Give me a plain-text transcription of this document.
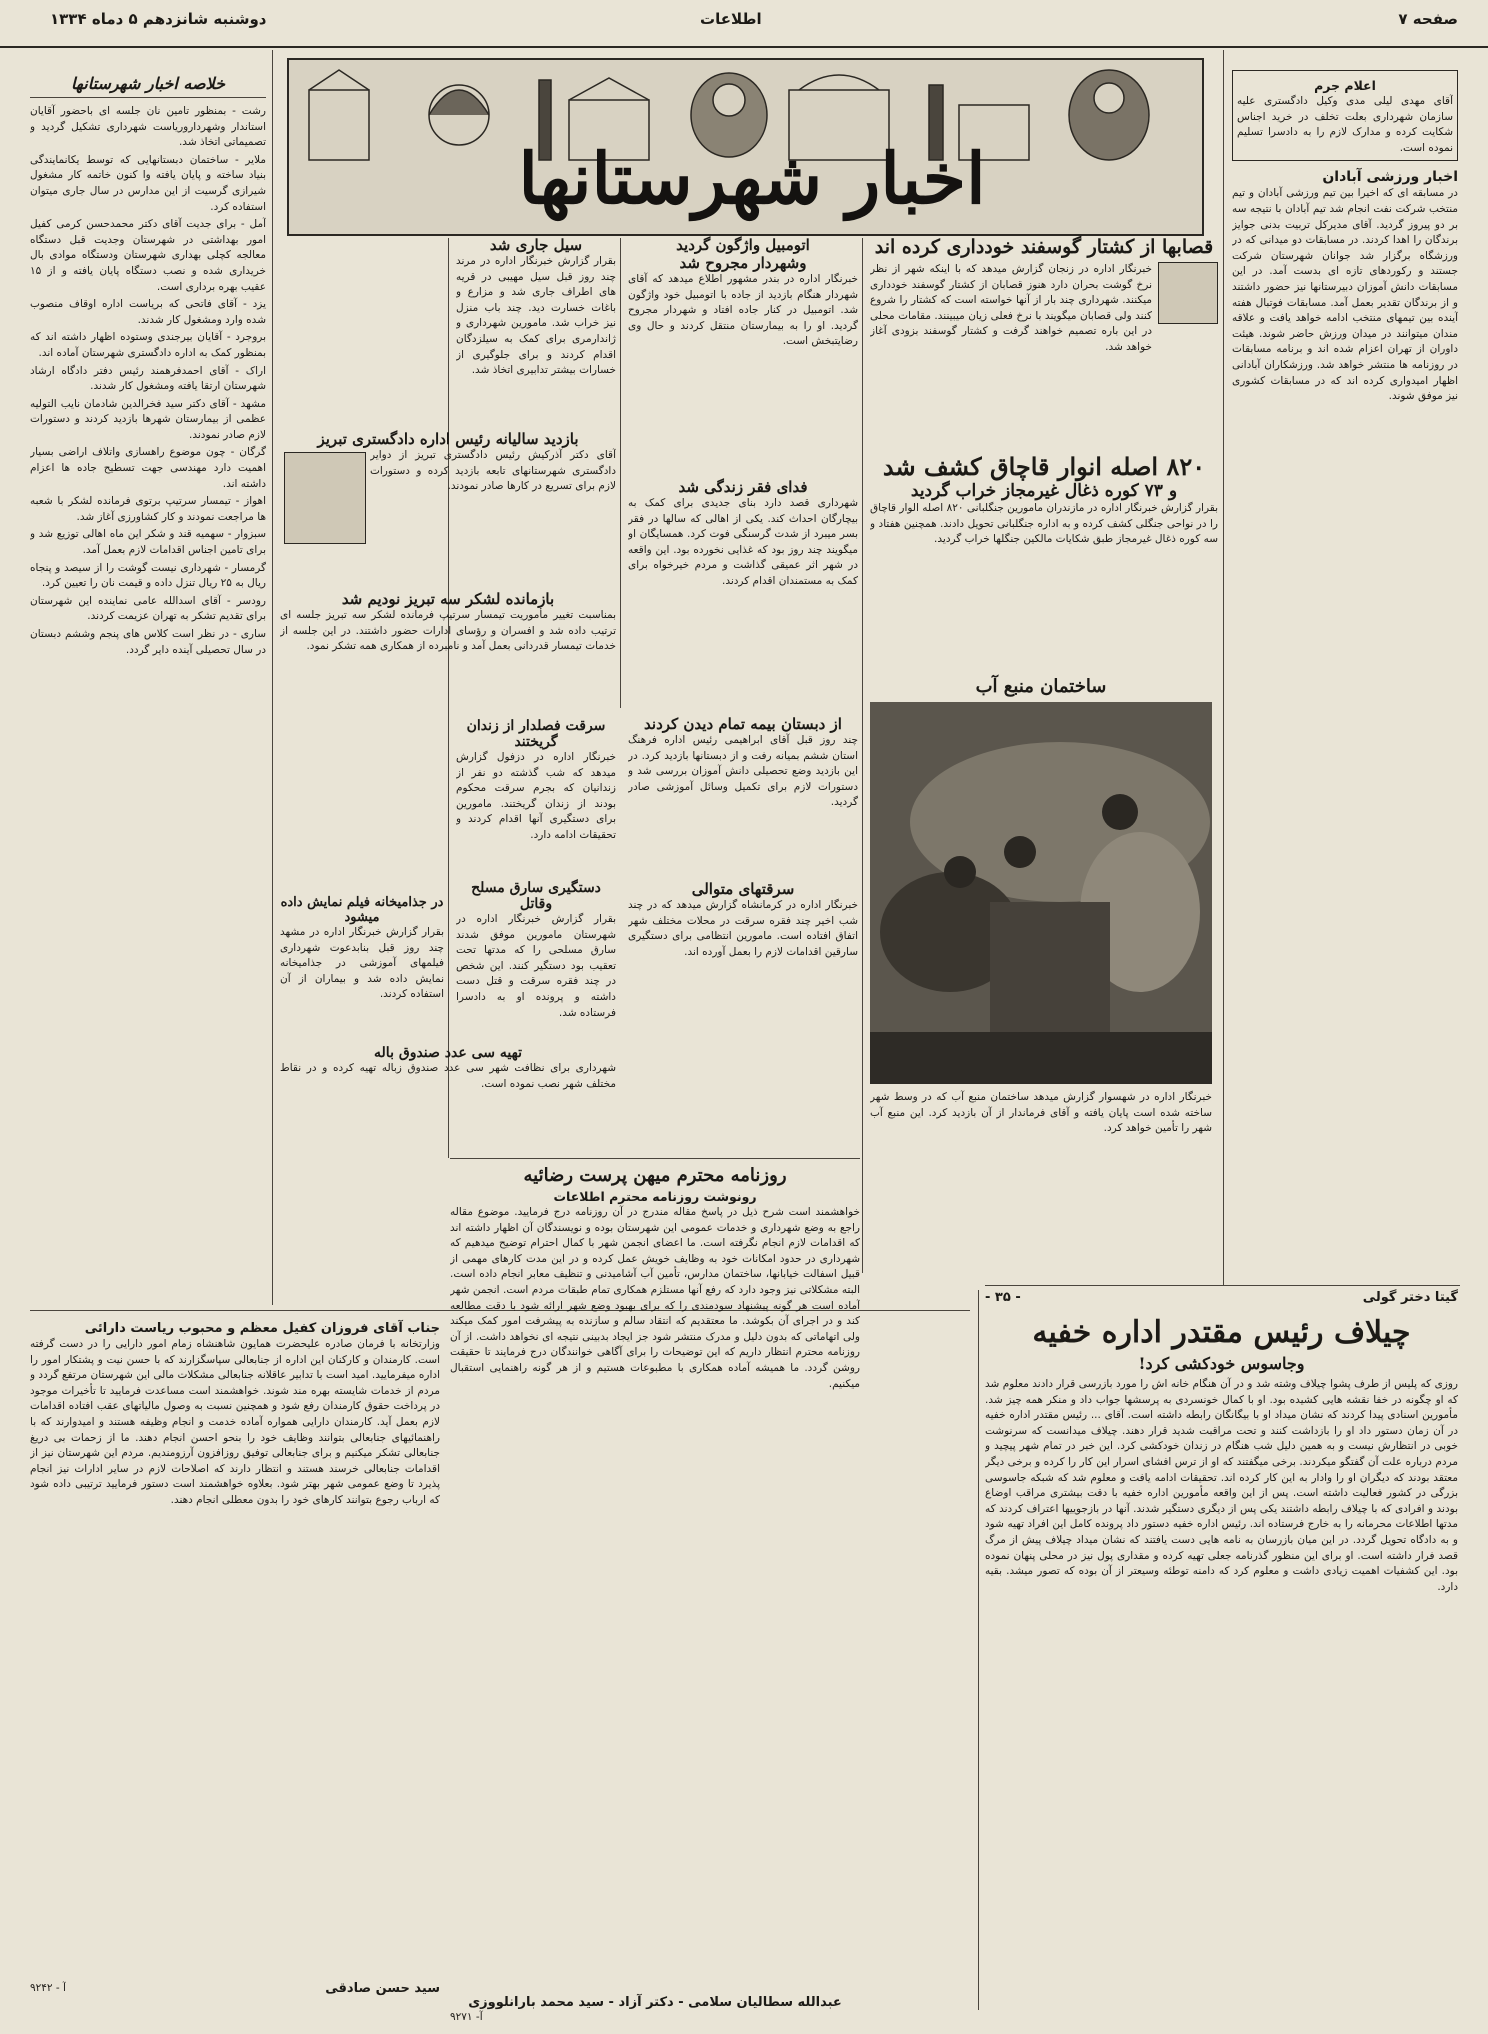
صفحه ۷
اطلاعات
دوشنبه شانزدهم ۵ دماه ۱۳۳۴
اخبار شهرستانها
خلاصه اخبار شهرستانها

رشت - بمنظور تامین نان جلسه ای باحضور آقایان استاندار وشهرداروریاست شهرداری تشکیل گردید و تصمیماتی اتخاذ شد.

ملایر - ساختمان دبستانهایی که توسط یکانمایندگی بنیاد ساخته و پایان یافته وا کنون خاتمه کار مشغول شیرازی گرسیت از این مدارس در سال جاری میتوان استفاده کرد.

آمل - برای جدیت آقای دکتر محمدحسن کرمی کفیل امور بهداشتی در شهرستان وجدیت قبل دستگاه معالجه کچلی بهداری شهرستان ودستگاه موادی بال خریداری شده و نصب دستگاه پایان یافته و از ۱۵ عقیب بهره برداری است.

یزد - آقای فاتحی که بریاست اداره اوقاف منصوب شده وارد ومشغول کار شدند.

بروجرد - آقایان بیرجندی وستوده اظهار داشته اند که بمنظور کمک به اداره دادگستری شهرستان آماده اند.

اراک - آقای احمدفرهمند رئیس دفتر دادگاه ارشاد شهرستان ارتقا یافته ومشغول کار شدند.

مشهد - آقای دکتر سید فخرالدین شادمان نایب التولیه عظمی از بیمارستان شهرها بازدید کردند و دستورات لازم صادر نمودند.

گرگان - چون موضوع راهسازی واتلاف اراضی بسیار اهمیت دارد مهندسی جهت تسطیح جاده ها اعزام داشته اند.

اهواز - تیمسار سرتیپ برتوی فرمانده لشکر با شعبه ها مراجعت نمودند و کار کشاورزی آغاز شد.

سبزوار - سهمیه قند و شکر این ماه اهالی توزیع شد و برای تامین اجناس اقدامات لازم بعمل آمد.

گرمسار - شهرداری نیست گوشت را از سیصد و پنجاه ریال به ۲۵ ریال تنزل داده و قیمت نان را تعیین کرد.

رودسر - آقای اسدالله عامی نماینده این شهرستان برای تقدیم تشکر به تهران عزیمت کردند.

ساری - در نظر است کلاس های پنجم وششم دبستان در سال تحصیلی آینده دایر گردد.

اعلام جرم
آقای مهدی لیلی مدی وکیل دادگستری علیه سازمان شهرداری بعلت تخلف در خرید اجناس شکایت کرده و مدارک لازم را به دادسرا تسلیم نموده است.
اخبار ورزشی آبادان
در مسابقه ای که اخیرا بین تیم ورزشی آبادان و تیم منتخب شرکت نفت انجام شد تیم آبادان با نتیجه سه بر دو پیروز گردید. آقای مدیرکل تربیت بدنی جوایز برندگان را اهدا کردند. در مسابقات دو میدانی که در ورزشگاه برگزار شد جوانان شهرستان شرکت جستند و رکوردهای تازه ای بدست آمد. در این مسابقات دانش آموزان دبیرستانها نیز حضور داشتند و از برندگان تقدیر بعمل آمد. مسابقات فوتبال هفته آینده بین تیمهای منتخب ادامه خواهد یافت و علاقه مندان میتوانند در میدان ورزش حاضر شوند. هیئت داوران از تهران اعزام شده اند و برنامه مسابقات در روزنامه ها منتشر خواهد شد. ورزشکاران آبادانی اظهار امیدواری کرده اند که در مسابقات کشوری نیز موفق شوند.
قصابها از کشتار گوسفند خودداری کرده اند
خبرنگار اداره در زنجان گزارش میدهد که با اینکه شهر از نظر نرخ گوشت بحران دارد هنوز قصابان از کشتار گوسفند خودداری میکنند. شهرداری چند بار از آنها خواسته است که کشتار را شروع کنند ولی قصابان میگویند با نرخ فعلی زیان میبینند. مقامات محلی در این باره تصمیم خواهند گرفت و کشتار گوسفند بزودی آغاز خواهد شد.
۸۲۰ اصله انوار قاچاق کشف شد
و ۷۳ کوره ذغال غیرمجاز خراب گردید
بقرار گزارش خبرنگار اداره در مازندران مامورین جنگلبانی ۸۲۰ اصله الوار قاچاق را در نواحی جنگلی کشف کرده و به اداره جنگلبانی تحویل دادند. همچنین هفتاد و سه کوره ذغال غیرمجاز طبق شکایات مالکین جنگلها خراب گردید.
ساختمان منبع آب
خبرنگار اداره در شهسوار گزارش میدهد ساختمان منبع آب که در وسط شهر ساخته شده است پایان یافته و آقای فرماندار از آن بازدید کرد. این منبع آب شهر را تأمین خواهد کرد.
اتومبیل واژگون گردید
وشهردار مجروح شد
خبرنگار اداره در بندر مشهور اطلاع میدهد که آقای شهردار هنگام بازدید از جاده با اتومبیل خود واژگون شد. اتومبیل در کنار جاده افتاد و شهردار مجروح گردید. او را به بیمارستان منتقل کردند و حال وی رضایتبخش است.
فدای فقر زندگی شد
شهرداری قصد دارد بنای جدیدی برای کمک به بیچارگان احداث کند. یکی از اهالی که سالها در فقر بسر میبرد از شدت گرسنگی فوت کرد. همسایگان او میگویند چند روز بود که غذایی نخورده بود. این واقعه در شهر اثر عمیقی گذاشت و مردم خیرخواه برای کمک به مستمندان اقدام کردند.
سیل جاری شد
بقرار گزارش خبرنگار اداره در مرند چند روز قبل سیل مهیبی در قریه های اطراف جاری شد و مزارع و باغات خسارت دید. چند باب منزل نیز خراب شد. مامورین شهرداری و ژاندارمری برای کمک به سیلزدگان اقدام کردند و برای جلوگیری از خسارات بیشتر تدابیری اتخاذ شد.
بازدید سالیانه رئیس اداره دادگستری تبریز
آقای دکتر آذرکیش رئیس دادگستری تبریز از دوایر دادگستری شهرستانهای تابعه بازدید کرده و دستورات لازم برای تسریع در کارها صادر نمودند.
بازمانده لشکر سه تبریز نودیم شد
بمناسبت تغییر مأموریت تیمسار سرتیپ فرمانده لشکر سه تبریز جلسه ای ترتیب داده شد و افسران و رؤسای ادارات حضور داشتند. در این جلسه از خدمات تیمسار قدردانی بعمل آمد و نامبرده از همکاری همه تشکر نمود.
از دبستان بیمه تمام دیدن کردند
چند روز قبل آقای ابراهیمی رئیس اداره فرهنگ استان ششم بمیانه رفت و از دبستانها بازدید کرد. در این بازدید وضع تحصیلی دانش آموزان بررسی شد و دستورات لازم برای تکمیل وسائل آموزشی صادر گردید.
سرقت فصلدار از زندان گریختند
خبرنگار اداره در دزفول گزارش میدهد که شب گذشته دو نفر از زندانیان که بجرم سرقت محکوم بودند از زندان گریختند. مامورین برای دستگیری آنها اقدام کردند و تحقیقات ادامه دارد.
سرقتهای متوالی
خبرنگار اداره در کرمانشاه گزارش میدهد که در چند شب اخیر چند فقره سرقت در محلات مختلف شهر اتفاق افتاده است. مامورین انتظامی برای دستگیری سارقین اقدامات لازم را بعمل آورده اند.
دستگیری سارق مسلح وقاتل
بقرار گزارش خبرنگار اداره در شهرستان مامورین موفق شدند سارق مسلحی را که مدتها تحت تعقیب بود دستگیر کنند. این شخص در چند فقره سرقت و قتل دست داشته و پرونده او به دادسرا فرستاده شد.
در جذامیخانه فیلم نمایش داده میشود
بقرار گزارش خبرنگار اداره در مشهد چند روز قبل بنابدعوت شهرداری فیلمهای آموزشی در جذامیخانه نمایش داده شد و بیماران از آن استفاده کردند.
تهیه سی عدد صندوق باله
شهرداری برای نظافت شهر سی عدد صندوق زباله تهیه کرده و در نقاط مختلف شهر نصب نموده است.
روزنامه محترم میهن پرست رضائیه
رونوشت روزنامه محترم اطلاعات
خواهشمند است شرح ذیل در پاسخ مقاله مندرج در آن روزنامه درج فرمایید. موضوع مقاله راجع به وضع شهرداری و خدمات عمومی این شهرستان بوده و نویسندگان آن اظهار داشته اند که اقدامات لازم انجام نگرفته است. ما اعضای انجمن شهر با کمال احترام توضیح میدهیم که شهرداری در حدود امکانات خود به وظایف خویش عمل کرده و در این مدت کارهای مهمی از قبیل اسفالت خیابانها، ساختمان مدارس، تأمین آب آشامیدنی و تنظیف معابر انجام داده است. البته مشکلاتی نیز وجود دارد که رفع آنها مستلزم همکاری تمام طبقات مردم است. انجمن شهر آماده است هر گونه پیشنهاد سودمندی را که برای بهبود وضع شهر ارائه شود با دقت مطالعه کند و در اجرای آن بکوشد. ما معتقدیم که انتقاد سالم و سازنده به پیشرفت امور کمک میکند ولی اتهاماتی که بدون دلیل و مدرک منتشر شود جز ایجاد بدبینی نتیجه ای نخواهد داشت. از آن روزنامه محترم انتظار داریم که این توضیحات را برای آگاهی خوانندگان درج فرمایند تا حقیقت روشن گردد. ما همیشه آماده همکاری با مطبوعات هستیم و از هر گونه راهنمایی استقبال میکنیم.
عبدالله سطالیان سلامی - دکتر آزاد - سید محمد بارانلووزی
آ- ۹۲۷۱
جناب آقای فروزان کفیل معظم و محبوب ریاست دارائی
وزارتخانه با فرمان صادره علیحضرت همایون شاهنشاه زمام امور دارایی را در دست گرفته است. کارمندان و کارکنان این اداره از جنابعالی سپاسگزارند که با حسن نیت و پشتکار امور را اداره میفرمایید. امید است با تدابیر عاقلانه جنابعالی مشکلات مالی این شهرستان مرتفع گردد و مردم از خدمات شایسته بهره مند شوند. خواهشمند است مساعدت فرمایید تا تأخیرات موجود در پرداخت حقوق کارمندان رفع شود و همچنین نسبت به وصول مالیاتهای عقب افتاده اقدامات لازم بعمل آید. کارمندان دارایی همواره آماده خدمت و انجام وظیفه هستند و امیدوارند که با راهنمائیهای جنابعالی بتوانند وظایف خود را بنحو احسن انجام دهند. ما از زحمات بی دریغ جنابعالی تشکر میکنیم و برای جنابعالی توفیق روزافزون آرزومندیم. مردم این شهرستان نیز از اقدامات جنابعالی خرسند هستند و انتظار دارند که اصلاحات لازم در سایر ادارات نیز انجام پذیرد تا وضع عمومی شهر بهتر شود. بعلاوه خواهشمند است دستور فرمایید ترتیبی داده شود که ارباب رجوع بتوانند کارهای خود را بدون معطلی انجام دهند.
سید حسن صادقی
آ - ۹۲۴۲
گیتا دختر گولی
- ۳۵ -
چیلاف رئیس مقتدر اداره خفیه
وجاسوس خودکشی کرد!
روزی که پلیس از طرف پشوا چیلاف وشته شد و در آن هنگام خانه اش را مورد بازرسی قرار دادند معلوم شد که او چگونه در خفا نقشه هایی کشیده بود. او با کمال خونسردی به پرسشها جواب داد و منکر همه چیز شد. مأمورین اسنادی پیدا کردند که نشان میداد او با بیگانگان رابطه داشته است. آقای ... رئیس مقتدر اداره خفیه در آن زمان دستور داد او را بازداشت کنند و تحت مراقبت شدید قرار دهند. چیلاف میدانست که سرنوشت خوبی در انتظارش نیست و به همین دلیل شب هنگام در زندان خودکشی کرد. این خبر در تمام شهر پیچید و مردم درباره علت آن گفتگو میکردند. برخی میگفتند که او از ترس افشای اسرار این کار را کرده و برخی دیگر معتقد بودند که دیگران او را وادار به این کار کرده اند. تحقیقات ادامه یافت و معلوم شد که شبکه جاسوسی بزرگی در کشور فعالیت داشته است. پس از این واقعه مأمورین اداره خفیه با دقت بیشتری مراقب اوضاع بودند و افرادی که با چیلاف رابطه داشتند یکی پس از دیگری دستگیر شدند. آنها در بازجوییها اعتراف کردند که مدتها اطلاعات محرمانه را به خارج فرستاده اند. رئیس اداره خفیه دستور داد پرونده کامل این افراد تهیه شود و به دادگاه تحویل گردد. در این میان بازرسان به نامه هایی دست یافتند که نشان میداد چیلاف پیش از مرگ قصد فرار داشته است. او برای این منظور گذرنامه جعلی تهیه کرده و مقداری پول نیز در محلی پنهان نموده بود. این کشفیات اهمیت زیادی داشت و معلوم کرد که دامنه توطئه وسیعتر از آن بوده که تصور میشد. بقیه دارد.
